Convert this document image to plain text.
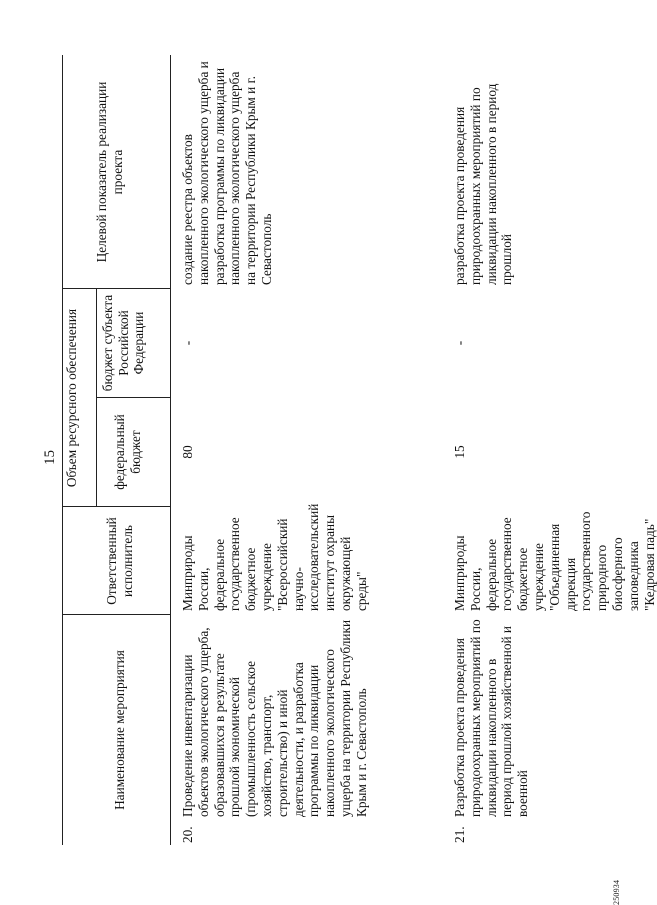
15
250934
Наименование мероприятия
Ответственный исполнитель
Объем ресурсного обеспечения федеральный бюджет
бюджет субъекта Российской Федерации
Целевой показатель реализации проекта
20.
Проведение инвентаризации объектов экологического ущерба, образовавшихся в результате прошлой экономической (промышленность сельское хозяйство, транспорт, строительство) и иной деятельности, и разработка программы по ликвидации накопленного экологического ущерба на территории Республики Крым и г. Севастополь
Минприроды России, федеральное государственное бюджетное учреждение "Всероссийский научно-исследовательский институт охраны окружающей среды"
80
-
создание реестра объектов накопленного экологического ущерба и разработка программы по ликвидации накопленного экологического ущерба на территории Республики Крым и г. Севастополь
21.
Разработка проекта проведения природоохранных мероприятий по ликвидации накопленного в период прошлой хозяйственной и военной
Минприроды России, федеральное государственное бюджетное учреждение "Объединенная дирекция государственного природного биосферного заповедника "Кедровая падь"
15
-
разработка проекта проведения природоохранных мероприятий по ликвидации накопленного в период прошлой
